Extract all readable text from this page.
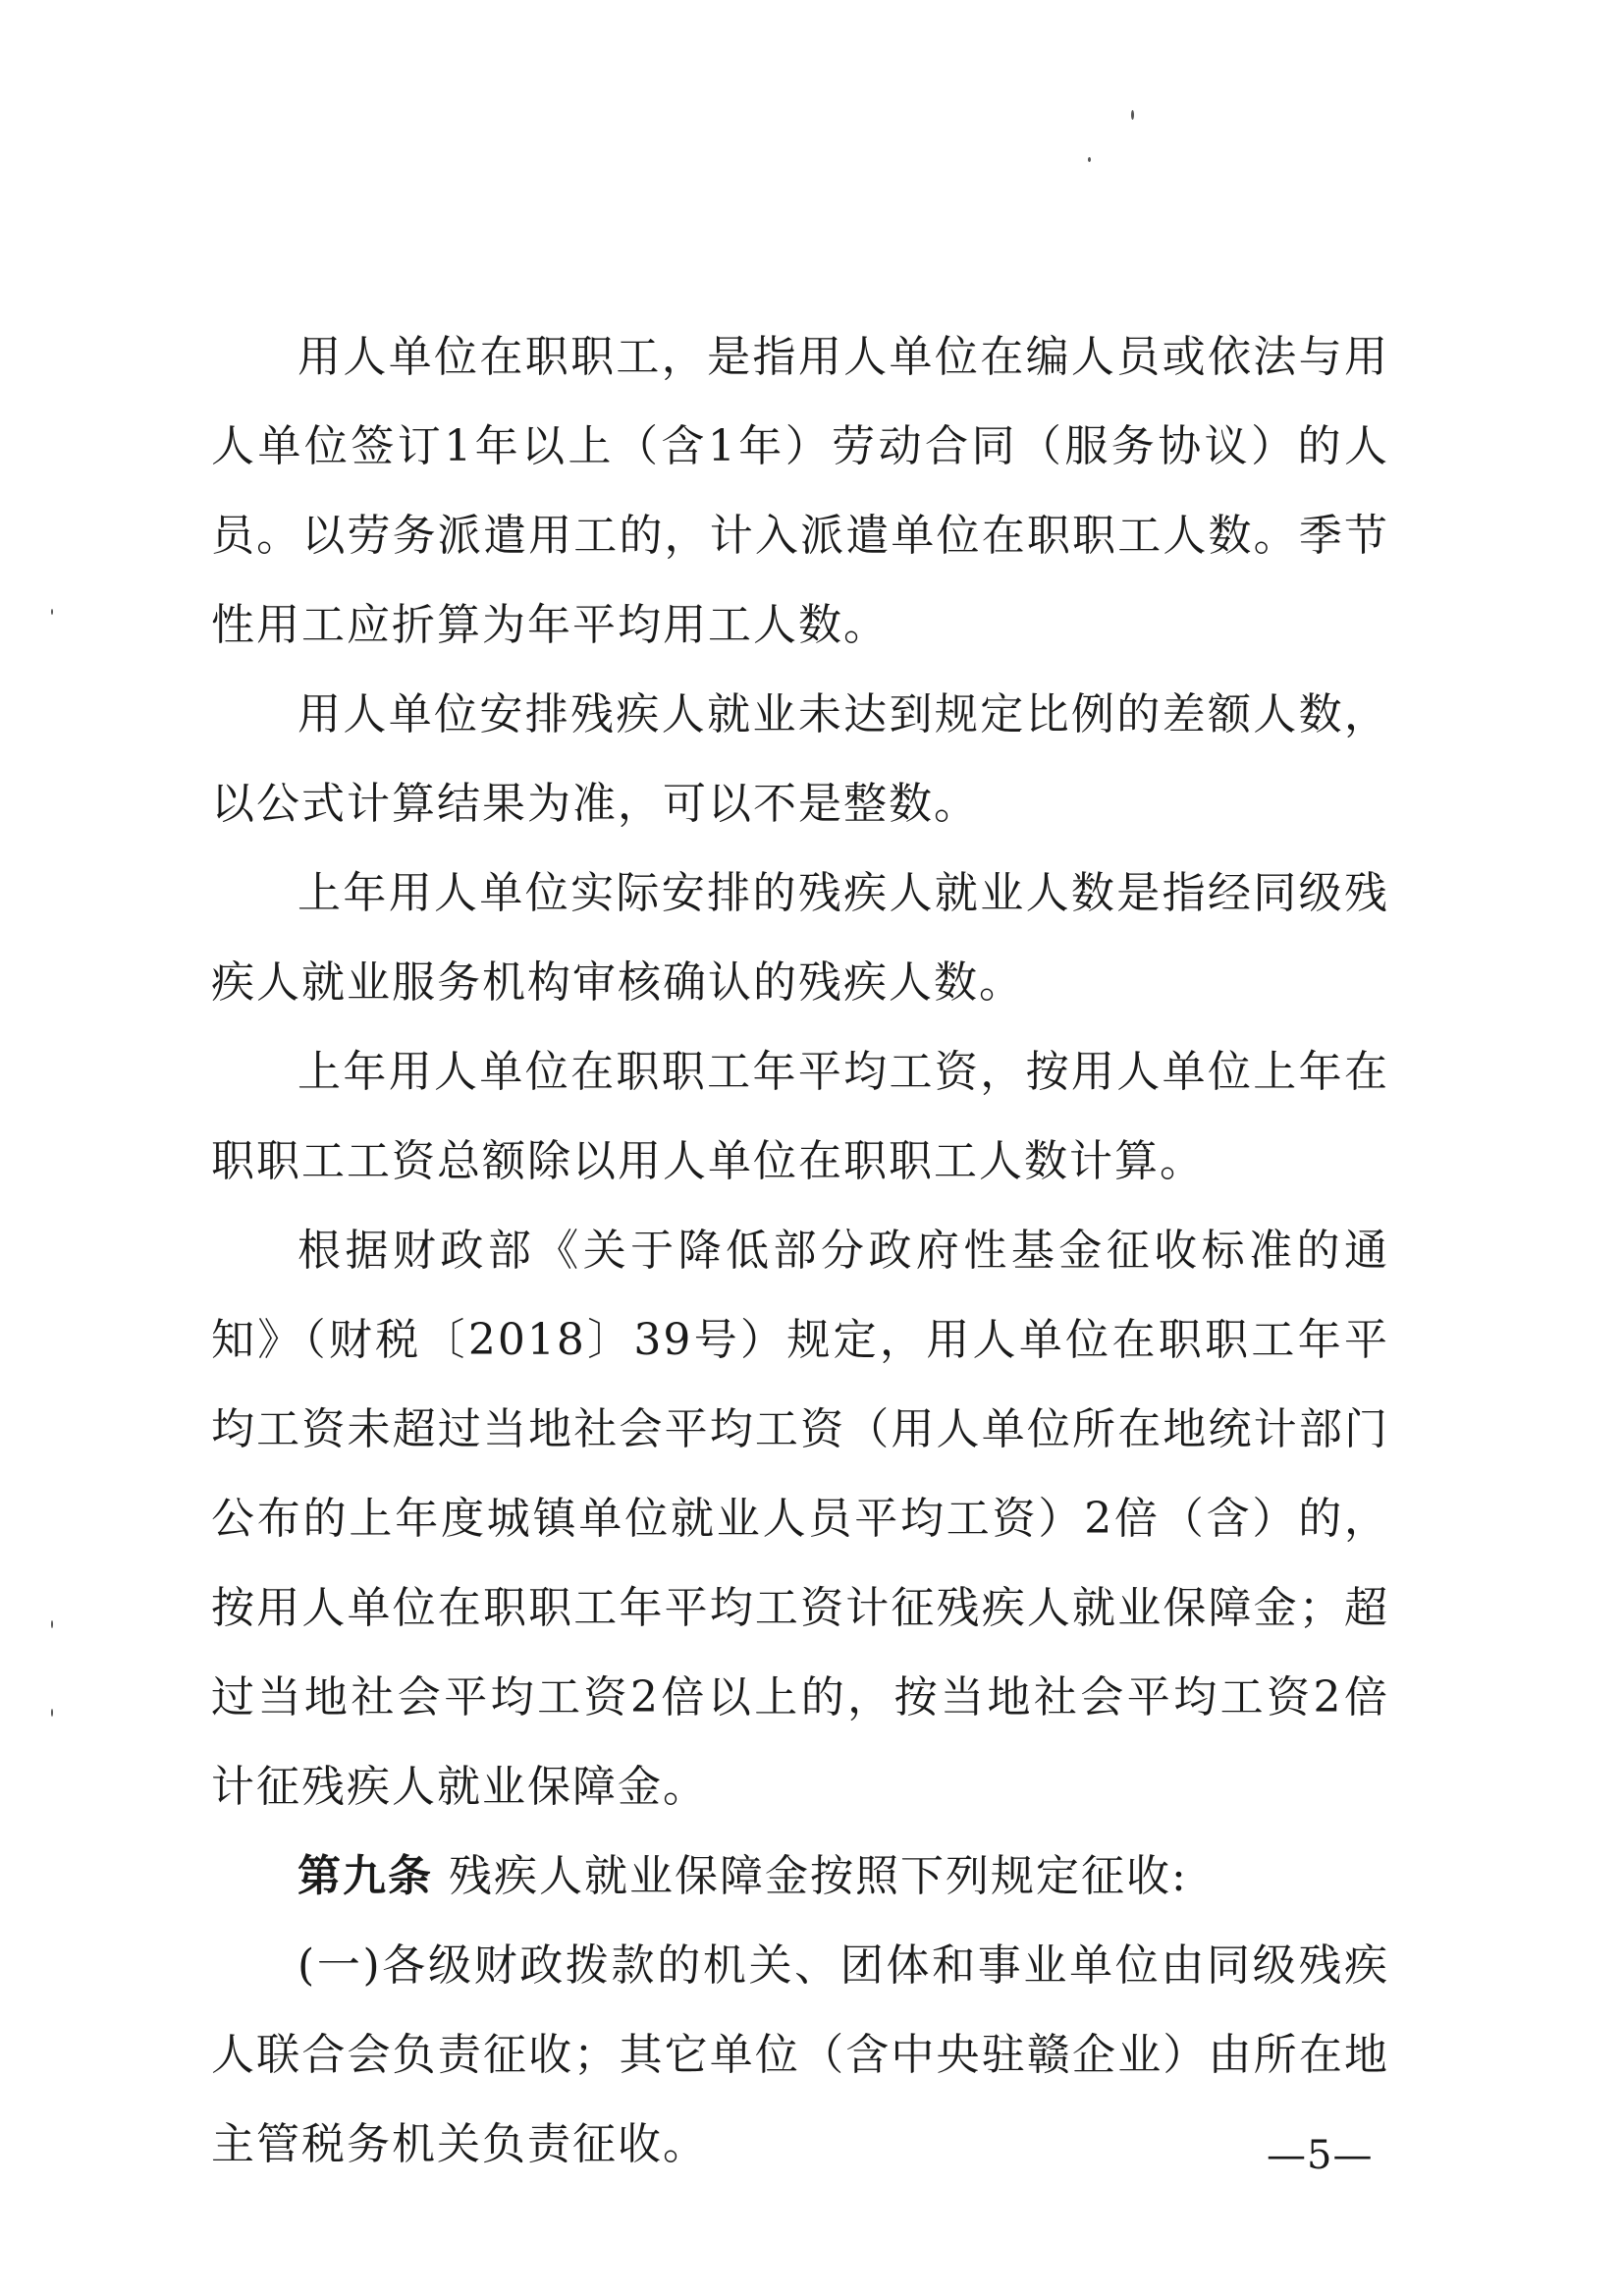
用人单位在职职工，是指用人单位在编人员或依法与用人单位签订1年以上（含1年）劳动合同（服务协议）的人员。以劳务派遣用工的，计入派遣单位在职职工人数。季节性用工应折算为年平均用工人数。

用人单位安排残疾人就业未达到规定比例的差额人数，以公式计算结果为准，可以不是整数。

上年用人单位实际安排的残疾人就业人数是指经同级残疾人就业服务机构审核确认的残疾人数。

上年用人单位在职职工年平均工资，按用人单位上年在职职工工资总额除以用人单位在职职工人数计算。

根据财政部《关于降低部分政府性基金征收标准的通知》（财税〔2018〕39号）规定，用人单位在职职工年平均工资未超过当地社会平均工资（用人单位所在地统计部门公布的上年度城镇单位就业人员平均工资）2倍（含）的，按用人单位在职职工年平均工资计征残疾人就业保障金；超过当地社会平均工资2倍以上的，按当地社会平均工资2倍计征残疾人就业保障金。

第九条 残疾人就业保障金按照下列规定征收:

(一)各级财政拨款的机关、团体和事业单位由同级残疾人联合会负责征收；其它单位（含中央驻赣企业）由所在地主管税务机关负责征收。	—5—
